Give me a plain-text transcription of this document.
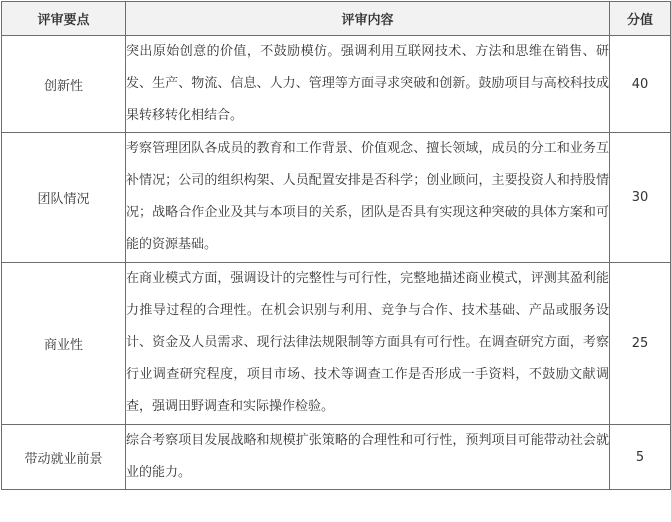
评审要点	评审内容	分值
创新性	突出原始创意的价值，不鼓励模仿。强调利用互联网技术、方法和思维在销售、研发、生产、物流、信息、人力、管理等方面寻求突破和创新。鼓励项目与高校科技成果转移转化相结合。	40
团队情况	考察管理团队各成员的教育和工作背景、价值观念、擅长领域，成员的分工和业务互补情况；公司的组织构架、人员配置安排是否科学；创业顾问，主要投资人和持股情况；战略合作企业及其与本项目的关系，团队是否具有实现这种突破的具体方案和可能的资源基础。	30
商业性	在商业模式方面，强调设计的完整性与可行性，完整地描述商业模式，评测其盈利能力推导过程的合理性。在机会识别与利用、竞争与合作、技术基础、产品或服务设计、资金及人员需求、现行法律法规限制等方面具有可行性。在调查研究方面，考察行业调查研究程度，项目市场、技术等调查工作是否形成一手资料，不鼓励文献调查，强调田野调查和实际操作检验。	25
带动就业前景	综合考察项目发展战略和规模扩张策略的合理性和可行性，预判项目可能带动社会就业的能力。	5
